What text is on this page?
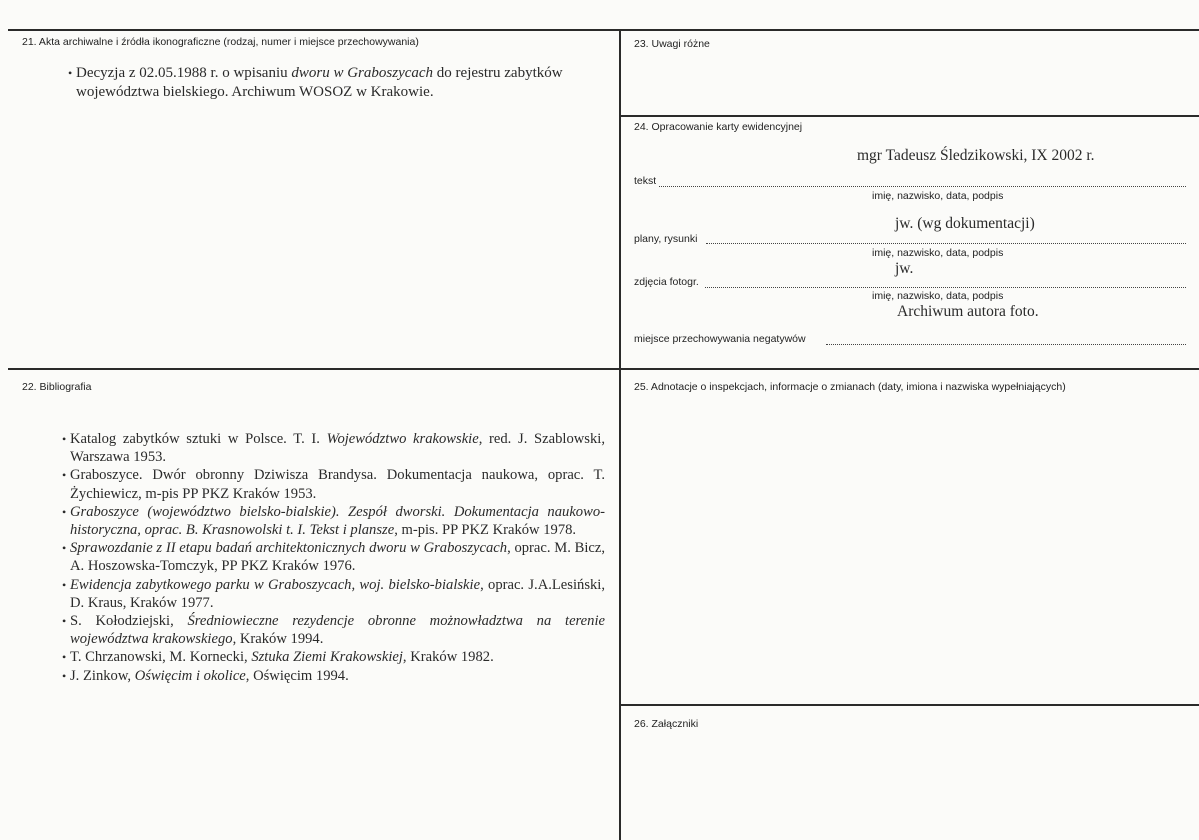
21. Akta archiwalne i źródła ikonograficzne (rodzaj, numer i miejsce przechowywania)
• Decyzja z 02.05.1988 r. o wpisaniu dworu w Graboszycach do rejestru zabytków województwa bielskiego. Archiwum WOSOZ w Krakowie.
22. Bibliografia
• Katalog zabytków sztuki w Polsce. T. I. Województwo krakowskie, red. J. Szablowski, Warszawa 1953.
• Graboszyce. Dwór obronny Dziwisza Brandysa. Dokumentacja naukowa, oprac. T. Żychiewicz, m-pis PP PKZ Kraków 1953.
• Graboszyce (województwo bielsko-bialskie). Zespół dworski. Dokumentacja naukowo-historyczna, oprac. B. Krasnowolski t. I. Tekst i plansze, m-pis. PP PKZ Kraków 1978.
• Sprawozdanie z II etapu badań architektonicznych dworu w Graboszycach, oprac. M. Bicz, A. Hoszowska-Tomczyk, PP PKZ Kraków 1976.
• Ewidencja zabytkowego parku w Graboszycach, woj. bielsko-bialskie, oprac. J.A.Lesiński, D. Kraus, Kraków 1977.
• S. Kołodziejski, Średniowieczne rezydencje obronne możnowładztwa na terenie województwa krakowskiego, Kraków 1994.
• T. Chrzanowski, M. Kornecki, Sztuka Ziemi Krakowskiej, Kraków 1982.
• J. Zinkow, Oświęcim i okolice, Oświęcim 1994.
23. Uwagi różne
24. Opracowanie karty ewidencyjnej
mgr Tadeusz Śledzikowski, IX 2002 r.
tekst
imię, nazwisko, data, podpis
jw. (wg dokumentacji)
plany, rysunki
imię, nazwisko, data, podpis
jw.
zdjęcia fotogr.
imię, nazwisko, data, podpis
Archiwum autora foto.
miejsce przechowywania negatywów
25. Adnotacje o inspekcjach, informacje o zmianach (daty, imiona i nazwiska wypełniających)
26. Załączniki
